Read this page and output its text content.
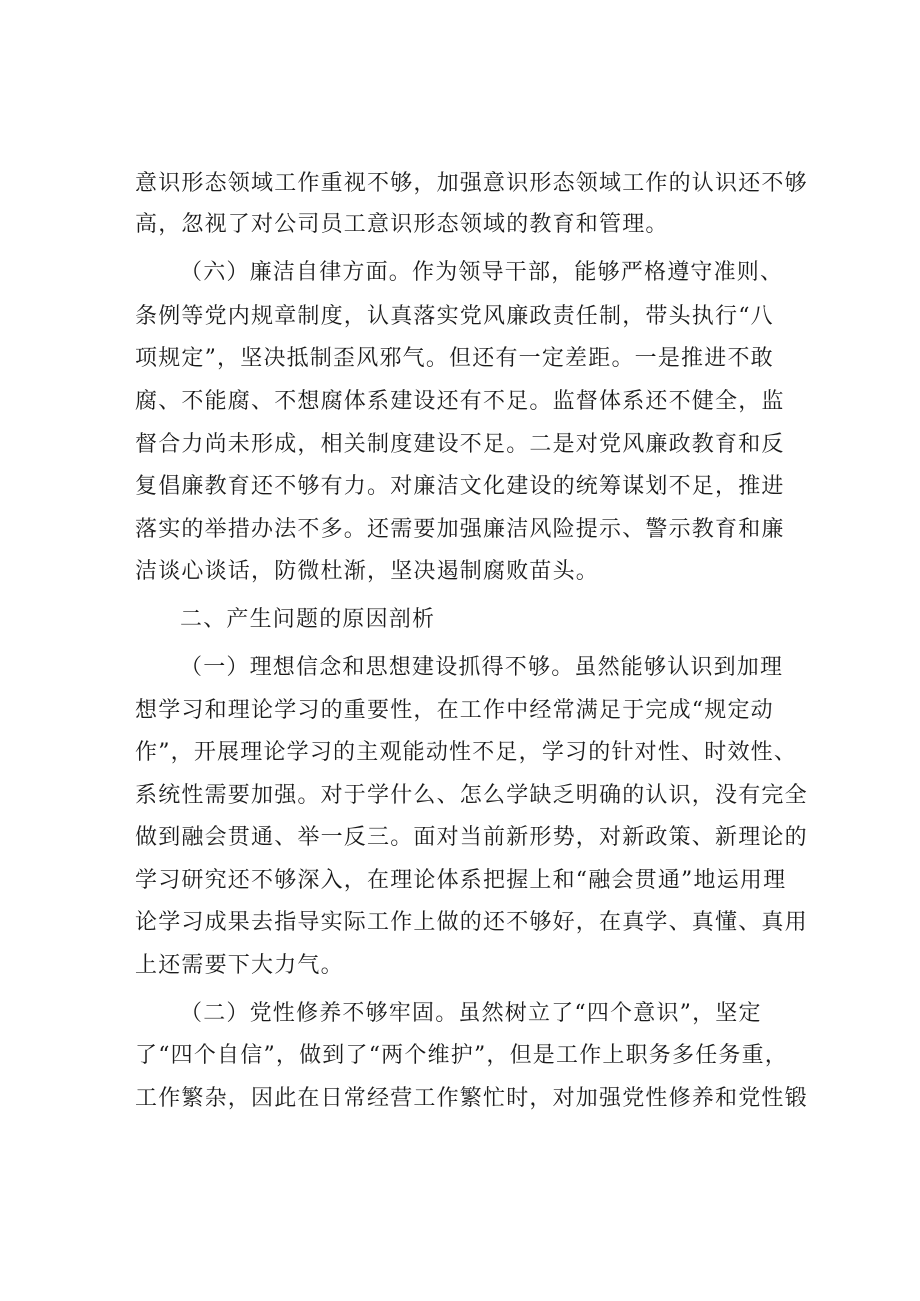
意识形态领域工作重视不够，加强意识形态领域工作的认识还不够
高，忽视了对公司员工意识形态领域的教育和管理。
（六）廉洁自律方面。作为领导干部，能够严格遵守准则、
条例等党内规章制度，认真落实党风廉政责任制，带头执行“八
项规定”，坚决抵制歪风邪气。但还有一定差距。一是推进不敢
腐、不能腐、不想腐体系建设还有不足。监督体系还不健全，监
督合力尚未形成，相关制度建设不足。二是对党风廉政教育和反
复倡廉教育还不够有力。对廉洁文化建设的统筹谋划不足，推进
落实的举措办法不多。还需要加强廉洁风险提示、警示教育和廉
洁谈心谈话，防微杜渐，坚决遏制腐败苗头。
二、产生问题的原因剖析
（一）理想信念和思想建设抓得不够。虽然能够认识到加理
想学习和理论学习的重要性，在工作中经常满足于完成“规定动
作”，开展理论学习的主观能动性不足，学习的针对性、时效性、
系统性需要加强。对于学什么、怎么学缺乏明确的认识，没有完全
做到融会贯通、举一反三。面对当前新形势，对新政策、新理论的
学习研究还不够深入，在理论体系把握上和“融会贯通”地运用理
论学习成果去指导实际工作上做的还不够好，在真学、真懂、真用
上还需要下大力气。
（二）党性修养不够牢固。虽然树立了“四个意识”，坚定
了“四个自信”，做到了“两个维护”，但是工作上职务多任务重，
工作繁杂，因此在日常经营工作繁忙时，对加强党性修养和党性锻
